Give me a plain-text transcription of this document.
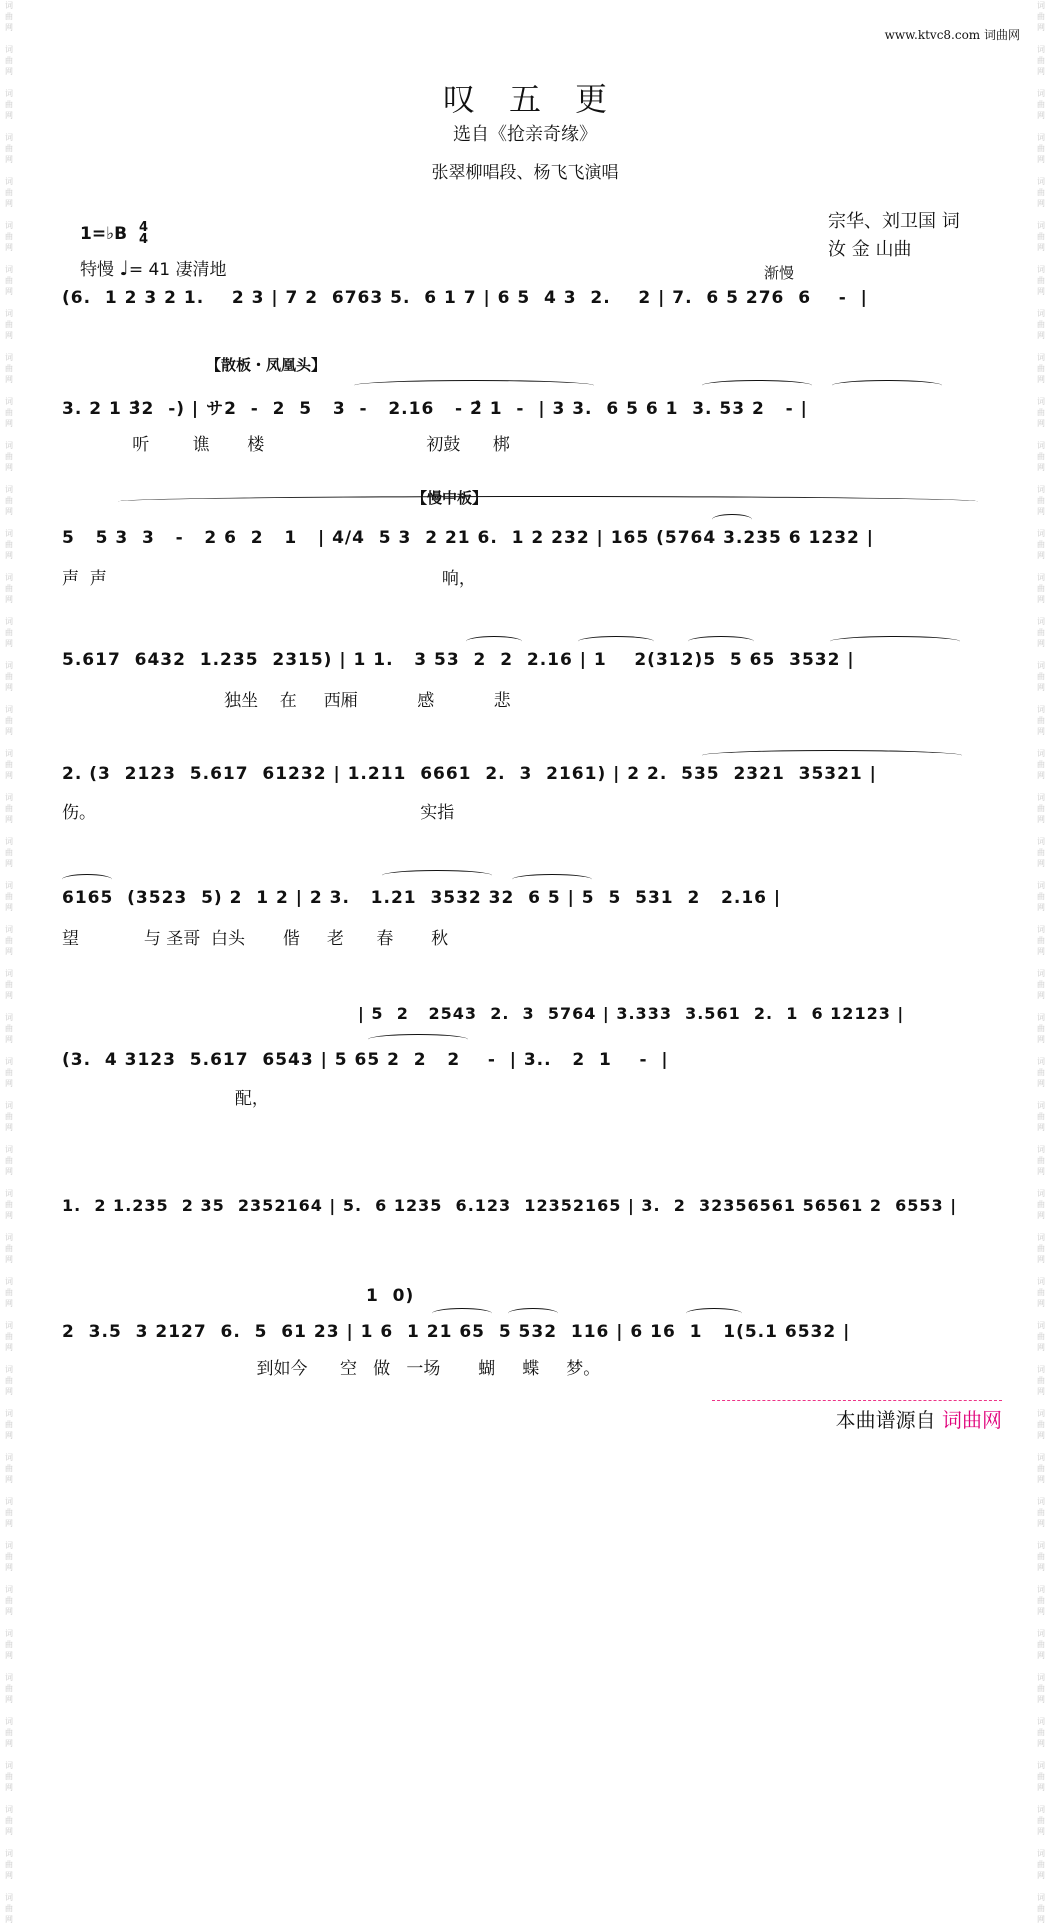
词
曲
网

词
曲
网

词
曲
网

词
曲
网

词
曲
网

词
曲
网

词
曲
网

词
曲
网

词
曲
网

词
曲
网

词
曲
网

词
曲
网

词
曲
网

词
曲
网

词
曲
网

词
曲
网

词
曲
网

词
曲
网

词
曲
网

词
曲
网

词
曲
网

词
曲
网

词
曲
网

词
曲
网

词
曲
网

词
曲
网

词
曲
网

词
曲
网

词
曲
网

词
曲
网

词
曲
网

词
曲
网

词
曲
网

词
曲
网

词
曲
网

词
曲
网

词
曲
网

词
曲
网

词
曲
网

词
曲
网

词
曲
网

词
曲
网

词
曲
网

词
曲
网

词
曲
网

词
曲
网

词
曲
网

词
曲
网

词
曲
网

词
曲
网

词
曲
网

词
曲
网

词
曲
网

词
曲
网

词
曲
网

词
曲
网

词
曲
网

词
曲
网

词
曲
网

词
曲
网

词
曲
网

词
曲
网

词
曲
网

词
曲
网

词
曲
网

词
曲
网

词
曲
网

词
曲
网

词
曲
网

词
曲
网

词
曲
网

词
曲
网

词
曲
网

词
曲
网

词
曲
网

词
曲
网

词
曲
网

词
曲
网

词
曲
网

词
曲
网

词
曲
网

词
曲
网

词
曲
网

词
曲
网

词
曲
网

词
曲
网

词
曲
网

词
曲
网

www.ktvc8.com 词曲网
叹五更
选自《抢亲奇缘》
张翠柳唱段、杨飞飞演唱
宗华、刘卫国 词
汝 金 山曲
1=♭B 4
4
特慢 ♩= 41 凄清地	渐慢
【散板・凤凰头】
【慢中板】
(6.  1 2 3 2 1.    2 3 | 7 2  6763 5.  6 1 7 | 6 5  4 3  2.    2 | 7.  6 5 276  6    -  |
3. 2 1 3̂2  -) | サ2  -  2  5   3  -   2.16   - 2̂ 1  -  | 3 3.  6 5 6 1  3. 53 2   - |
听        谯       楼                              初鼓      梆
5   5 3  3   -   2 6  2   1   | 4/4  5 3  2 21 6.  1 2 232 | 165 (5764 3.235 6 1232 |
声  声                                                              响，
5.617  6432  1.235  2315) | 1 1.   3 53  2  2  2.16 | 1    2(312)5  5 65  3532 |
独坐    在     西厢           感           悲
2. (3  2123  5.617  61232 | 1.211  6661  2.  3  2161) | 2 2.  535  2321  35321 |
伤。                                                            实指
6165  (3523  5) 2  1 2 | 2 3.   1.21  3532 32  6 5 | 5  5  531  2   2.16 |
望            与 圣哥  白头       偕     老      春       秋
| 5  2   2543  2.  3  5764 | 3.333  3.561  2.  1  6 12123 |
(3.  4 3123  5.617  6543 | 5 65 2  2   2    -  | 3..   2  1    -  |
配，
1.  2 1.235  2 35  2352164 | 5.  6 1235  6.123  12352165 | 3.  2  32356561 56561 2  6553 |
1  0)
2  3.5  3 2127  6.  5  61 23 | 1 6  1 21 65  5 532  116 | 6 16  1   1(5.1 6532 |
到如今      空   做   一场       蝴     蝶     梦。
本曲谱源自 词曲网
